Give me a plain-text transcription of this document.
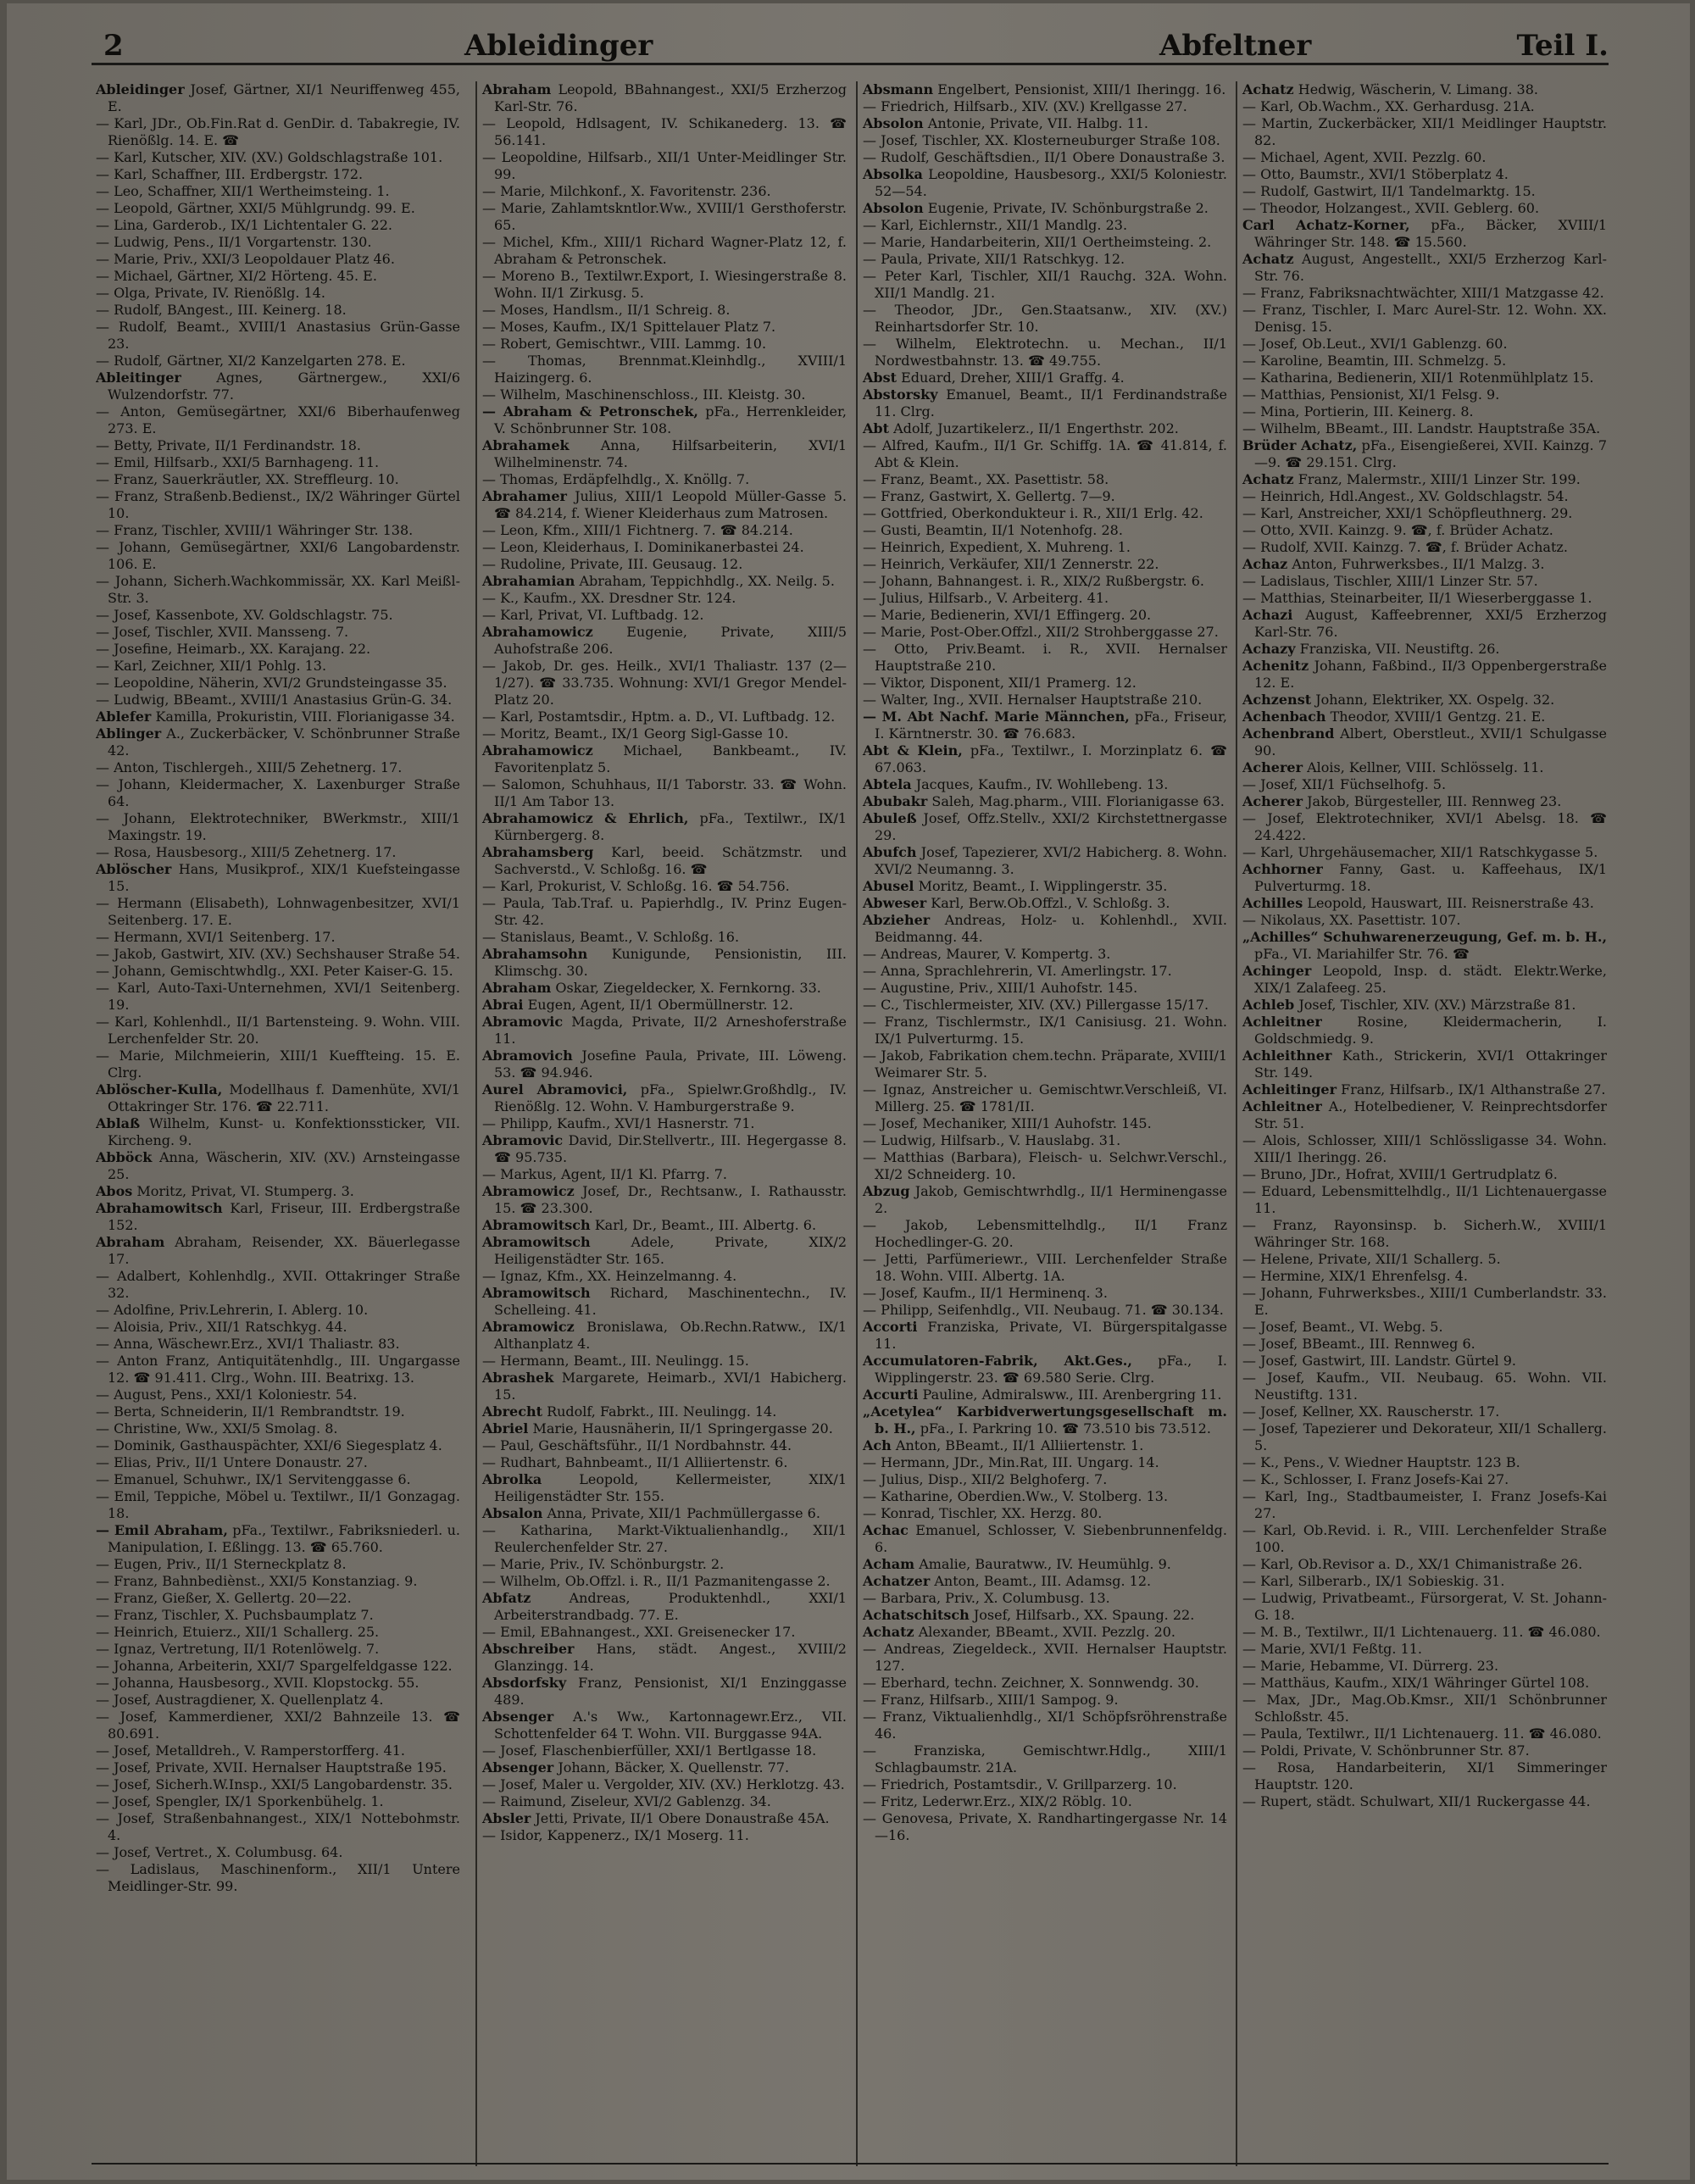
2	Ableidinger	Abfeltner	Teil I.

Ableidinger Josef, Gärtner, XI/1 Neuriffenweg 455, E.

— Karl, JDr., Ob.Fin.Rat d. GenDir. d. Tabakregie, IV. Rienößlg. 14. E. ☎

— Karl, Kutscher, XIV. (XV.) Goldschlagstraße 101.

— Karl, Schaffner, III. Erdbergstr. 172.

— Leo, Schaffner, XII/1 Wertheimsteing. 1.

— Leopold, Gärtner, XXI/5 Mühlgrundg. 99. E.

— Lina, Garderob., IX/1 Lichtentaler G. 22.

— Ludwig, Pens., II/1 Vorgartenstr. 130.

— Marie, Priv., XXI/3 Leopoldauer Platz 46.

— Michael, Gärtner, XI/2 Hörteng. 45. E.

— Olga, Private, IV. Rienößlg. 14.

— Rudolf, BAngest., III. Keinerg. 18.

— Rudolf, Beamt., XVIII/1 Anastasius Grün-Gasse 23.

— Rudolf, Gärtner, XI/2 Kanzelgarten 278. E.

Ableitinger	Agnes, Gärtnergew., XXI/6 Wulzendorfstr. 77.

— Anton, Gemüsegärtner, XXI/6 Biberhaufenweg 273. E.

— Betty, Private, II/1 Ferdinandstr. 18.

— Emil, Hilfsarb., XXI/5 Barnhageng. 11.

— Franz, Sauerkräutler, XX. Streffleurg. 10.

— Franz, Straßenb.Bedienst., IX/2 Währinger Gürtel 10.

— Franz, Tischler, XVIII/1 Währinger Str. 138.

— Johann, Gemüsegärtner, XXI/6 Langobardenstr. 106. E.

— Johann, Sicherh.Wachkommissär, XX. Karl Meißl-Str. 3.

— Josef, Kassenbote, XV. Goldschlagstr. 75.

— Josef, Tischler, XVII. Mansseng. 7.

— Josefine, Heimarb., XX. Karajang. 22.

— Karl, Zeichner, XII/1 Pohlg. 13.

— Leopoldine, Näherin, XVI/2 Grundsteingasse 35.

— Ludwig, BBeamt., XVIII/1 Anastasius Grün-G. 34.

Ablefer Kamilla, Prokuristin, VIII. Florianigasse 34.

Ablinger A., Zuckerbäcker, V. Schönbrunner Straße 42.

— Anton, Tischlergeh., XIII/5 Zehetnerg. 17.

— Johann, Kleidermacher, X. Laxenburger Straße 64.

— Johann, Elektrotechniker, BWerkmstr., XIII/1 Maxingstr. 19.

— Rosa, Hausbesorg., XIII/5 Zehetnerg. 17.

Ablöscher Hans, Musikprof., XIX/1 Kuefsteingasse 15.

— Hermann (Elisabeth), Lohnwagenbesitzer, XVI/1 Seitenberg. 17. E.

— Hermann, XVI/1 Seitenberg. 17.

— Jakob, Gastwirt, XIV. (XV.) Sechshauser Straße 54.

— Johann, Gemischtwhdlg., XXI. Peter Kaiser-G. 15.

— Karl, Auto-Taxi-Unternehmen, XVI/1 Seitenberg. 19.

— Karl, Kohlenhdl., II/1 Bartensteing. 9. Wohn. VIII. Lerchenfelder Str. 20.

— Marie, Milchmeierin, XIII/1 Kueffteing. 15. E. Clrg.

Ablöscher-Kulla, Modellhaus f. Damenhüte, XVI/1 Ottakringer Str. 176. ☎ 22.711.

Ablaß Wilhelm, Kunst- u. Konfektionssticker, VII. Kircheng. 9.

Abböck Anna, Wäscherin, XIV. (XV.) Arnsteingasse 25.

Abos Moritz, Privat, VI. Stumperg. 3.

Abrahamowitsch Karl, Friseur, III. Erdbergstraße 152.

Abraham Abraham, Reisender, XX. Bäuerlegasse 17.

— Adalbert, Kohlenhdlg., XVII. Ottakringer Straße 32.

— Adolfine, Priv.Lehrerin, I. Ablerg. 10.

— Aloisia, Priv., XII/1 Ratschkyg. 44.

— Anna, Wäschewr.Erz., XVI/1 Thaliastr. 83.

— Anton Franz, Antiquitätenhdlg., III. Ungargasse 12. ☎ 91.411. Clrg., Wohn. III. Beatrixg. 13.

— August, Pens., XXI/1 Koloniestr. 54.

— Berta, Schneiderin, II/1 Rembrandtstr. 19.

— Christine, Ww., XXI/5 Smolag. 8.

— Dominik, Gasthauspächter, XXI/6 Siegesplatz 4.

— Elias, Priv., II/1 Untere Donaustr. 27.

— Emanuel, Schuhwr., IX/1 Servitenggasse 6.

— Emil, Teppiche, Möbel u. Textilwr., II/1 Gonzagag. 18.

— Emil Abraham, pFa., Textilwr., Fabriksniederl. u. Manipulation, I. Eßlingg. 13. ☎ 65.760.

— Eugen, Priv., II/1 Sterneckplatz 8.

— Franz, Bahnbediènst., XXI/5 Konstanziag. 9.

— Franz, Gießer, X. Gellertg. 20—22.

— Franz, Tischler, X. Puchsbaumplatz 7.

— Heinrich, Etuierz., XII/1 Schallerg. 25.

— Ignaz, Vertretung, II/1 Rotenlöwelg. 7.

— Johanna, Arbeiterin, XXI/7 Spargelfeldgasse 122.

— Johanna, Hausbesorg., XVII. Klopstockg. 55.

— Josef, Austragdiener, X. Quellenplatz 4.

— Josef, Kammerdiener, XXI/2 Bahnzeile 13. ☎ 80.691.

— Josef, Metalldreh., V. Ramperstorfferg. 41.

— Josef, Private, XVII. Hernalser Hauptstraße 195.

— Josef, Sicherh.W.Insp., XXI/5 Langobardenstr. 35.

— Josef, Spengler, IX/1 Sporkenbühelg. 1.

— Josef, Straßenbahnangest., XIX/1 Nottebohmstr. 4.

— Josef, Vertret., X. Columbusg. 64.

— Ladislaus, Maschinenform., XII/1 Untere Meidlinger-Str. 99.

Abraham Leopold, BBahnangest., XXI/5 Erzherzog Karl-Str. 76.

— Leopold, Hdlsagent, IV. Schikanederg. 13. ☎ 56.141.

— Leopoldine, Hilfsarb., XII/1 Unter-Meidlinger Str. 99.

— Marie, Milchkonf., X. Favoritenstr. 236.

— Marie, Zahlamtskntlor.Ww., XVIII/1 Gersthoferstr. 65.

— Michel, Kfm., XIII/1 Richard Wagner-Platz 12, f. Abraham & Petronschek.

— Moreno B., Textilwr.Export, I. Wiesingerstraße 8. Wohn. II/1 Zirkusg. 5.

— Moses, Handlsm., II/1 Schreig. 8.

— Moses, Kaufm., IX/1 Spittelauer Platz 7.

— Robert, Gemischtwr., VIII. Lammg. 10.

— Thomas, Brennmat.Kleinhdlg., XVIII/1 Haizingerg. 6.

— Wilhelm, Maschinenschloss., III. Kleistg. 30.

— Abraham & Petronschek, pFa., Herrenkleider, V. Schönbrunner Str. 108.

Abrahamek Anna, Hilfsarbeiterin, XVI/1 Wilhelminenstr. 74.

— Thomas, Erdäpfelhdlg., X. Knöllg. 7.

Abrahamer Julius, XIII/1 Leopold Müller-Gasse 5. ☎ 84.214, f. Wiener Kleiderhaus zum Matrosen.

— Leon, Kfm., XIII/1 Fichtnerg. 7. ☎ 84.214.

— Leon, Kleiderhaus, I. Dominikanerbastei 24.

— Rudoline, Private, III. Geusaug. 12.

Abrahamian Abraham, Teppichhdlg., XX. Neilg. 5.

— K., Kaufm., XX. Dresdner Str. 124.

— Karl, Privat, VI. Luftbadg. 12.

Abrahamowicz Eugenie, Private, XIII/5 Auhofstraße 206.

— Jakob, Dr. ges. Heilk., XVI/1 Thaliastr. 137 (2—1/27). ☎ 33.735. Wohnung: XVI/1 Gregor Mendel-Platz 20.

— Karl, Postamtsdir., Hptm. a. D., VI. Luftbadg. 12.

— Moritz, Beamt., IX/1 Georg Sigl-Gasse 10.

Abrahamowicz Michael, Bankbeamt., IV. Favoritenplatz 5.

— Salomon, Schuhhaus, II/1 Taborstr. 33. ☎ Wohn. II/1 Am Tabor 13.

Abrahamowicz & Ehrlich, pFa., Textilwr., IX/1 Kürnbergerg. 8.

Abrahamsberg Karl, beeid. Schätzmstr. und Sachverstd., V. Schloßg. 16. ☎

— Karl, Prokurist, V. Schloßg. 16. ☎ 54.756.

— Paula, Tab.Traf. u. Papierhdlg., IV. Prinz Eugen-Str. 42.

— Stanislaus, Beamt., V. Schloßg. 16.

Abrahamsohn Kunigunde, Pensionistin, III. Klimschg. 30.

Abraham Oskar, Ziegeldecker, X. Fernkorng. 33.

Abrai Eugen, Agent, II/1 Obermüllnerstr. 12.

Abramovic Magda, Private, II/2 Arneshoferstraße 11.

Abramovich Josefine Paula, Private, III. Löweng. 53. ☎ 94.946.

Aurel Abramovici, pFa., Spielwr.Großhdlg., IV. Rienößlg. 12. Wohn. V. Hamburgerstraße 9.

— Philipp, Kaufm., XVI/1 Hasnerstr. 71.

Abramovic David, Dir.Stellvertr., III. Hegergasse 8. ☎ 95.735.

— Markus, Agent, II/1 Kl. Pfarrg. 7.

Abramowicz Josef, Dr., Rechtsanw., I. Rathausstr. 15. ☎ 23.300.

Abramowitsch Karl, Dr., Beamt., III. Albertg. 6.

Abramowitsch	Adele, Private, XIX/2 Heiligenstädter Str. 165.

— Ignaz, Kfm., XX. Heinzelmanng. 4.

Abramowitsch Richard, Maschinentechn., IV. Schelleing. 41.

Abramowicz Bronislawa, Ob.Rechn.Ratww., IX/1 Althanplatz 4.

— Hermann, Beamt., III. Neulingg. 15.

Abrashek Margarete, Heimarb., XVI/1 Habicherg. 15.

Abrecht Rudolf, Fabrkt., III. Neulingg. 14.

Abriel Marie, Hausnäherin, II/1 Springergasse 20.

— Paul, Geschäftsführ., II/1 Nordbahnstr. 44.

— Rudhart, Bahnbeamt., II/1 Alliiertenstr. 6.

Abrolka	Leopold, Kellermeister, XIX/1 Heiligenstädter Str. 155.

Absalon Anna, Private, XII/1 Pachmüllergasse 6.

— Katharina, Markt-Viktualienhandlg., XII/1 Reulerchenfelder Str. 27.

— Marie, Priv., IV. Schönburgstr. 2.

— Wilhelm, Ob.Offzl. i. R., II/1 Pazmanitengasse 2.

Abfatz	Andreas, Produktenhdl., XXI/1 Arbeiterstrandbadg. 77. E.

— Emil, EBahnangest., XXI. Greisenecker 17.

Abschreiber Hans, städt. Angest., XVIII/2 Glanzingg. 14.

Absdorfsky Franz, Pensionist, XI/1 Enzinggasse 489.

Absenger A.'s Ww., Kartonnagewr.Erz., VII. Schottenfelder 64 T. Wohn. VII. Burggasse 94A.

— Josef, Flaschenbierfüller, XXI/1 Bertlgasse 18.

Absenger Johann, Bäcker, X. Quellenstr. 77.

— Josef, Maler u. Vergolder, XIV. (XV.) Herklotzg. 43.

— Raimund, Ziseleur, XVI/2 Gablenzg. 34.

Absler Jetti, Private, II/1 Obere Donaustraße 45A.

— Isidor, Kappenerz., IX/1 Moserg. 11.

Absmann Engelbert, Pensionist, XIII/1 Iheringg. 16.

— Friedrich, Hilfsarb., XIV. (XV.) Krellgasse 27.

Absolon Antonie, Private, VII. Halbg. 11.

— Josef, Tischler, XX. Klosterneuburger Straße 108.

— Rudolf, Geschäftsdien., II/1 Obere Donaustraße 3.

Absolka Leopoldine, Hausbesorg., XXI/5 Koloniestr. 52—54.

Absolon Eugenie, Private, IV. Schönburgstraße 2.

— Karl, Eichlernstr., XII/1 Mandlg. 23.

— Marie, Handarbeiterin, XII/1 Oertheimsteing. 2.

— Paula, Private, XII/1 Ratschkyg. 12.

— Peter Karl, Tischler, XII/1 Rauchg. 32A. Wohn. XII/1 Mandlg. 21.

— Theodor, JDr., Gen.Staatsanw., XIV. (XV.) Reinhartsdorfer Str. 10.

— Wilhelm, Elektrotechn. u. Mechan., II/1 Nordwestbahnstr. 13. ☎ 49.755.

Abst Eduard, Dreher, XIII/1 Graffg. 4.

Abstorsky Emanuel, Beamt., II/1 Ferdinandstraße 11. Clrg.

Abt Adolf, Juzartikelerz., II/1 Engerthstr. 202.

— Alfred, Kaufm., II/1 Gr. Schiffg. 1A. ☎ 41.814, f. Abt & Klein.

— Franz, Beamt., XX. Pasettistr. 58.

— Franz, Gastwirt, X. Gellertg. 7—9.

— Gottfried, Oberkondukteur i. R., XII/1 Erlg. 42.

— Gusti, Beamtin, II/1 Notenhofg. 28.

— Heinrich, Expedient, X. Muhreng. 1.

— Heinrich, Verkäufer, XII/1 Zennerstr. 22.

— Johann, Bahnangest. i. R., XIX/2 Rußbergstr. 6.

— Julius, Hilfsarb., V. Arbeiterg. 41.

— Marie, Bedienerin, XVI/1 Effingerg. 20.

— Marie, Post-Ober.Offzl., XII/2 Strohberggasse 27.

— Otto, Priv.Beamt. i. R., XVII. Hernalser Hauptstraße 210.

— Viktor, Disponent, XII/1 Pramerg. 12.

— Walter, Ing., XVII. Hernalser Hauptstraße 210.

— M. Abt Nachf. Marie Männchen, pFa., Friseur, I. Kärntnerstr. 30. ☎ 76.683.

Abt & Klein, pFa., Textilwr., I. Morzinplatz 6. ☎ 67.063.

Abtela Jacques, Kaufm., IV. Wohllebeng. 13.

Abubakr Saleh, Mag.pharm., VIII. Florianigasse 63.

Abuleß Josef, Offz.Stellv., XXI/2 Kirchstettnergasse 29.

Abufch Josef, Tapezierer, XVI/2 Habicherg. 8. Wohn. XVI/2 Neumanng. 3.

Abusel Moritz, Beamt., I. Wipplingerstr. 35.

Abweser Karl, Berw.Ob.Offzl., V. Schloßg. 3.

Abzieher Andreas, Holz- u. Kohlenhdl., XVII. Beidmanng. 44.

— Andreas, Maurer, V. Kompertg. 3.

— Anna, Sprachlehrerin, VI. Amerlingstr. 17.

— Augustine, Priv., XIII/1 Auhofstr. 145.

— C., Tischlermeister, XIV. (XV.) Pillergasse 15/17.

— Franz, Tischlermstr., IX/1 Canisiusg. 21. Wohn. IX/1 Pulverturmg. 15.

— Jakob, Fabrikation chem.techn. Präparate, XVIII/1 Weimarer Str. 5.

— Ignaz, Anstreicher u. Gemischtwr.Verschleiß, VI. Millerg. 25. ☎ 1781/II.

— Josef, Mechaniker, XIII/1 Auhofstr. 145.

— Ludwig, Hilfsarb., V. Hauslabg. 31.

— Matthias (Barbara), Fleisch- u. Selchwr.Verschl., XI/2 Schneiderg. 10.

Abzug Jakob, Gemischtwrhdlg., II/1 Herminengasse 2.

— Jakob, Lebensmittelhdlg., II/1 Franz Hochedlinger-G. 20.

— Jetti, Parfümeriewr., VIII. Lerchenfelder Straße 18. Wohn. VIII. Albertg. 1A.

— Josef, Kaufm., II/1 Herminenq. 3.

— Philipp, Seifenhdlg., VII. Neubaug. 71. ☎ 30.134.

Accorti Franziska, Private, VI. Bürgerspitalgasse 11.

Accumulatoren-Fabrik, Akt.Ges., pFa., I. Wipplingerstr. 23. ☎ 69.580 Serie. Clrg.

Accurti Pauline, Admiralsww., III. Arenbergring 11.

„Acetylea“ Karbidverwertungsgesellschaft m. b. H., pFa., I. Parkring 10. ☎ 73.510 bis 73.512.

Ach Anton, BBeamt., II/1 Alliiertenstr. 1.

— Hermann, JDr., Min.Rat, III. Ungarg. 14.

— Julius, Disp., XII/2 Belghoferg. 7.

— Katharine, Oberdien.Ww., V. Stolberg. 13.

— Konrad, Tischler, XX. Herzg. 80.

Achac Emanuel, Schlosser, V. Siebenbrunnenfeldg. 6.

Acham Amalie, Bauratww., IV. Heumühlg. 9.

Achatzer Anton, Beamt., III. Adamsg. 12.

— Barbara, Priv., X. Columbusg. 13.

Achatschitsch Josef, Hilfsarb., XX. Spaung. 22.

Achatz Alexander, BBeamt., XVII. Pezzlg. 20.

— Andreas, Ziegeldeck., XVII. Hernalser Hauptstr. 127.

— Eberhard, techn. Zeichner, X. Sonnwendg. 30.

— Franz, Hilfsarb., XIII/1 Sampog. 9.

— Franz, Viktualienhdlg., XI/1 Schöpfsröhrenstraße 46.

— Franziska, Gemischtwr.Hdlg., XIII/1 Schlagbaumstr. 21A.

— Friedrich, Postamtsdir., V. Grillparzerg. 10.

— Fritz, Lederwr.Erz., XIX/2 Röblg. 10.

— Genovesa, Private, X. Randhartingergasse Nr. 14—16.

Achatz Hedwig, Wäscherin, V. Limang. 38.

— Karl, Ob.Wachm., XX. Gerhardusg. 21A.

— Martin, Zuckerbäcker, XII/1 Meidlinger Hauptstr. 82.

— Michael, Agent, XVII. Pezzlg. 60.

— Otto, Baumstr., XVI/1 Stöberplatz 4.

— Rudolf, Gastwirt, II/1 Tandelmarktg. 15.

— Theodor, Holzangest., XVII. Geblerg. 60.

Carl Achatz-Korner, pFa., Bäcker, XVIII/1 Währinger Str. 148. ☎ 15.560.

Achatz August, Angestellt., XXI/5 Erzherzog Karl-Str. 76.

— Franz, Fabriksnachtwächter, XIII/1 Matzgasse 42.

— Franz, Tischler, I. Marc Aurel-Str. 12. Wohn. XX. Denisg. 15.

— Josef, Ob.Leut., XVI/1 Gablenzg. 60.

— Karoline, Beamtin, III. Schmelzg. 5.

— Katharina, Bedienerin, XII/1 Rotenmühlplatz 15.

— Matthias, Pensionist, XI/1 Felsg. 9.

— Mina, Portierin, III. Keinerg. 8.

— Wilhelm, BBeamt., III. Landstr. Hauptstraße 35A.

Brüder Achatz, pFa., Eisengießerei, XVII. Kainzg. 7—9. ☎ 29.151. Clrg.

Achatz Franz, Malermstr., XIII/1 Linzer Str. 199.

— Heinrich, Hdl.Angest., XV. Goldschlagstr. 54.

— Karl, Anstreicher, XXI/1 Schöpfleuthnerg. 29.

— Otto, XVII. Kainzg. 9. ☎, f. Brüder Achatz.

— Rudolf, XVII. Kainzg. 7. ☎, f. Brüder Achatz.

Achaz Anton, Fuhrwerksbes., II/1 Malzg. 3.

— Ladislaus, Tischler, XIII/1 Linzer Str. 57.

— Matthias, Steinarbeiter, II/1 Wieserberggasse 1.

Achazi August, Kaffeebrenner, XXI/5 Erzherzog Karl-Str. 76.

Achazy Franziska, VII. Neustiftg. 26.

Achenitz Johann, Faßbind., II/3 Oppenbergerstraße 12. E.

Achzenst Johann, Elektriker, XX. Ospelg. 32.

Achenbach Theodor, XVIII/1 Gentzg. 21. E.

Achenbrand Albert, Oberstleut., XVII/1 Schulgasse 90.

Acherer Alois, Kellner, VIII. Schlösselg. 11.

— Josef, XII/1 Füchselhofg. 5.

Acherer Jakob, Bürgesteller, III. Rennweg 23.

— Josef, Elektrotechniker, XVI/1 Abelsg. 18. ☎ 24.422.

— Karl, Uhrgehäusemacher, XII/1 Ratschkygasse 5.

Achhorner Fanny, Gast. u. Kaffeehaus, IX/1 Pulverturmg. 18.

Achilles Leopold, Hauswart, III. Reisnerstraße 43.

— Nikolaus, XX. Pasettistr. 107.

„Achilles“ Schuhwarenerzeugung, Gef. m. b. H., pFa., VI. Mariahilfer Str. 76. ☎

Achinger Leopold, Insp. d. städt. Elektr.Werke, XIX/1 Zalafeeg. 25.

Achleb Josef, Tischler, XIV. (XV.) Märzstraße 81.

Achleitner	Rosine, Kleidermacherin, I. Goldschmiedg. 9.

Achleithner Kath., Strickerin, XVI/1 Ottakringer Str. 149.

Achleitinger Franz, Hilfsarb., IX/1 Althanstraße 27.

Achleitner A., Hotelbediener, V. Reinprechtsdorfer Str. 51.

— Alois, Schlosser, XIII/1 Schlössligasse 34. Wohn. XIII/1 Iheringg. 26.

— Bruno, JDr., Hofrat, XVIII/1 Gertrudplatz 6.

— Eduard, Lebensmittelhdlg., II/1 Lichtenauergasse 11.

— Franz, Rayonsinsp. b. Sicherh.W., XVIII/1 Währinger Str. 168.

— Helene, Private, XII/1 Schallerg. 5.

— Hermine, XIX/1 Ehrenfelsg. 4.

— Johann, Fuhrwerksbes., XIII/1 Cumberlandstr. 33. E.

— Josef, Beamt., VI. Webg. 5.

— Josef, BBeamt., III. Rennweg 6.

— Josef, Gastwirt, III. Landstr. Gürtel 9.

— Josef, Kaufm., VII. Neubaug. 65. Wohn. VII. Neustiftg. 131.

— Josef, Kellner, XX. Rauscherstr. 17.

— Josef, Tapezierer und Dekorateur, XII/1 Schallerg. 5.

— K., Pens., V. Wiedner Hauptstr. 123 B.

— K., Schlosser, I. Franz Josefs-Kai 27.

— Karl, Ing., Stadtbaumeister, I. Franz Josefs-Kai 27.

— Karl, Ob.Revid. i. R., VIII. Lerchenfelder Straße 100.

— Karl, Ob.Revisor a. D., XX/1 Chimanistraße 26.

— Karl, Silberarb., IX/1 Sobieskig. 31.

— Ludwig, Privatbeamt., Fürsorgerat, V. St. Johann-G. 18.

— M. B., Textilwr., II/1 Lichtenauerg. 11. ☎ 46.080.

— Marie, XVI/1 Feßtg. 11.

— Marie, Hebamme, VI. Dürrerg. 23.

— Matthäus, Kaufm., XIX/1 Währinger Gürtel 108.

— Max, JDr., Mag.Ob.Kmsr., XII/1 Schönbrunner Schloßstr. 45.

— Paula, Textilwr., II/1 Lichtenauerg. 11. ☎ 46.080.

— Poldi, Private, V. Schönbrunner Str. 87.

— Rosa, Handarbeiterin, XI/1 Simmeringer Hauptstr. 120.

— Rupert, städt. Schulwart, XII/1 Ruckergasse 44.
